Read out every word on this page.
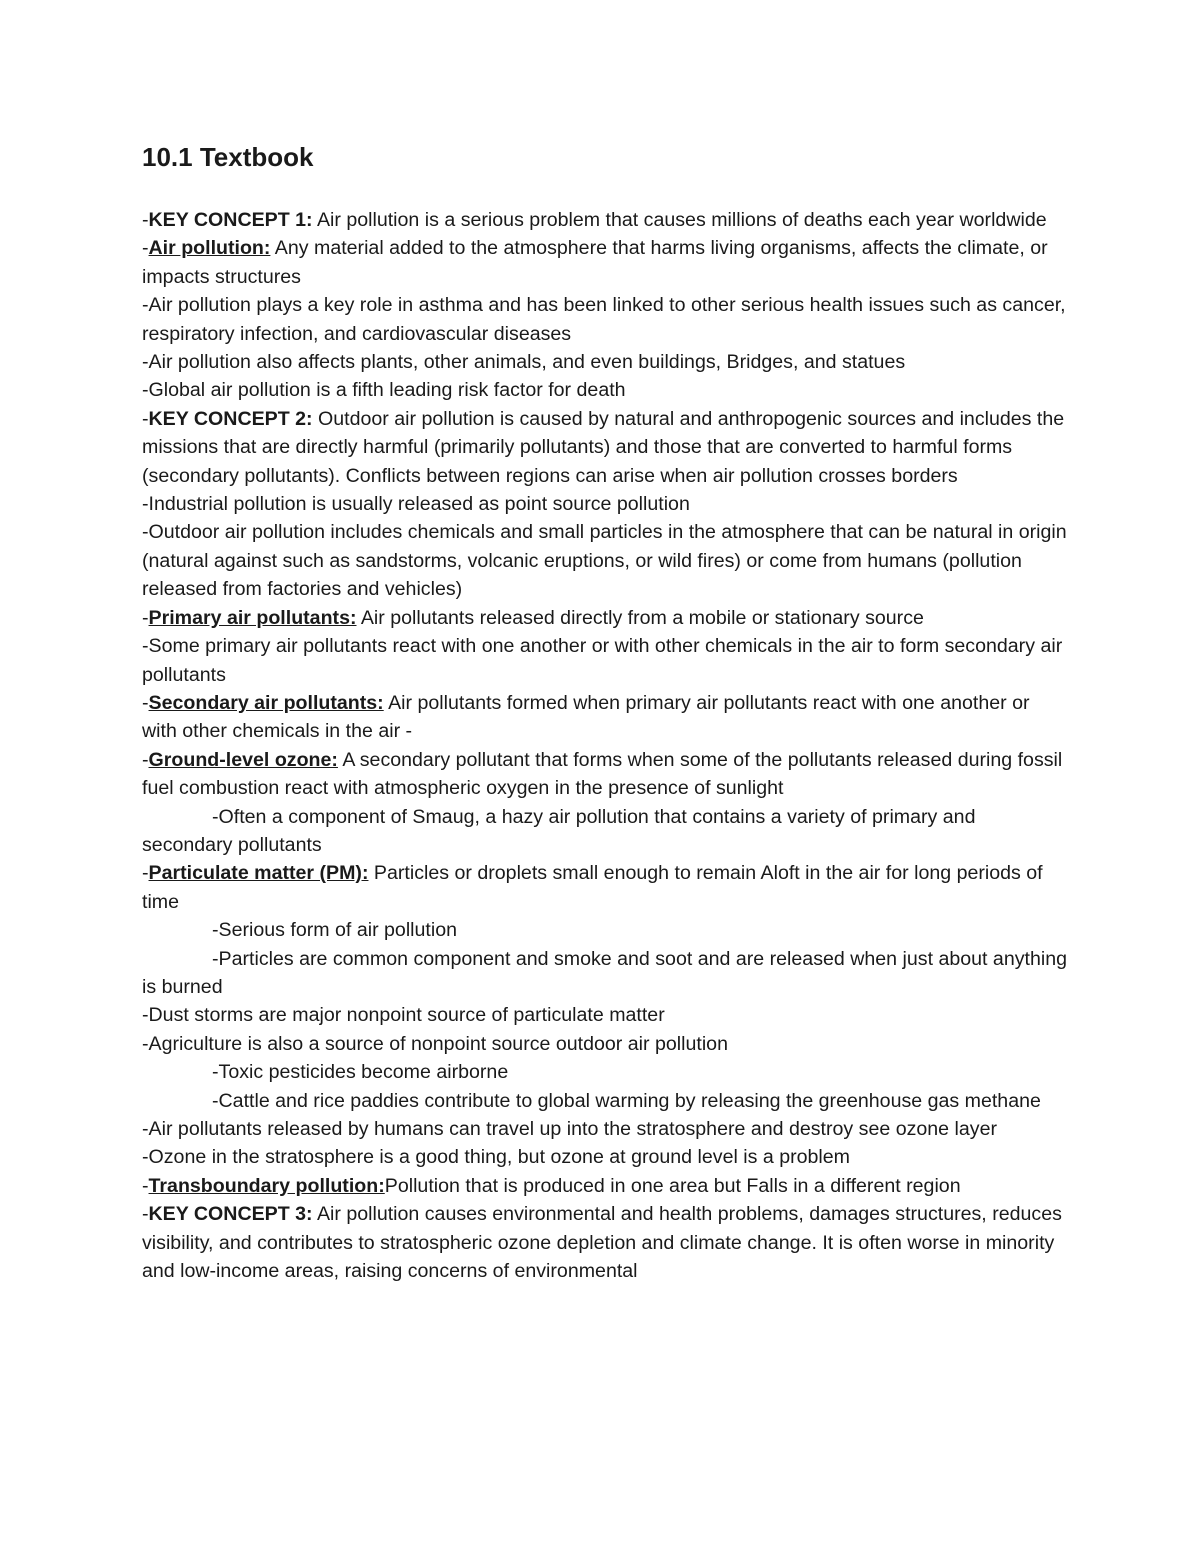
10.1 Textbook

-KEY CONCEPT 1: Air pollution is a serious problem that causes millions of deaths each year worldwide

-Air pollution: Any material added to the atmosphere that harms living organisms, affects the climate, or impacts structures

-Air pollution plays a key role in asthma and has been linked to other serious health issues such as cancer, respiratory infection, and cardiovascular diseases

-Air pollution also affects plants, other animals, and even buildings, Bridges, and statues

-Global air pollution is a fifth leading risk factor for death

-KEY CONCEPT 2: Outdoor air pollution is caused by natural and anthropogenic sources and includes the missions that are directly harmful (primarily pollutants) and those that are converted to harmful forms (secondary pollutants). Conflicts between regions can arise when air pollution crosses borders

-Industrial pollution is usually released as point source pollution

-Outdoor air pollution includes chemicals and small particles in the atmosphere that can be natural in origin (natural against such as sandstorms, volcanic eruptions, or wild fires) or come from humans (pollution released from factories and vehicles)

-Primary air pollutants: Air pollutants released directly from a mobile or stationary source

-Some primary air pollutants react with one another or with other chemicals in the air to form secondary air pollutants

-Secondary air pollutants: Air pollutants formed when primary air pollutants react with one another or with other chemicals in the air -

-Ground-level ozone: A secondary pollutant that forms when some of the pollutants released during fossil fuel combustion react with atmospheric oxygen in the presence of sunlight

-Often a component of Smaug, a hazy air pollution that contains a variety of primary and secondary pollutants

-Particulate matter (PM): Particles or droplets small enough to remain Aloft in the air for long periods of time

-Serious form of air pollution

-Particles are common component and smoke and soot and are released when just about anything is burned

-Dust storms are major nonpoint source of particulate matter

-Agriculture is also a source of nonpoint source outdoor air pollution

-Toxic pesticides become airborne

-Cattle and rice paddies contribute to global warming by releasing the greenhouse gas methane

-Air pollutants released by humans can travel up into the stratosphere and destroy see ozone layer

-Ozone in the stratosphere is a good thing, but ozone at ground level is a problem

-Transboundary pollution:Pollution that is produced in one area but Falls in a different region

-KEY CONCEPT 3: Air pollution causes environmental and health problems, damages structures, reduces visibility, and contributes to stratospheric ozone depletion and climate change. It is often worse in minority and low-income areas, raising concerns of environmental
